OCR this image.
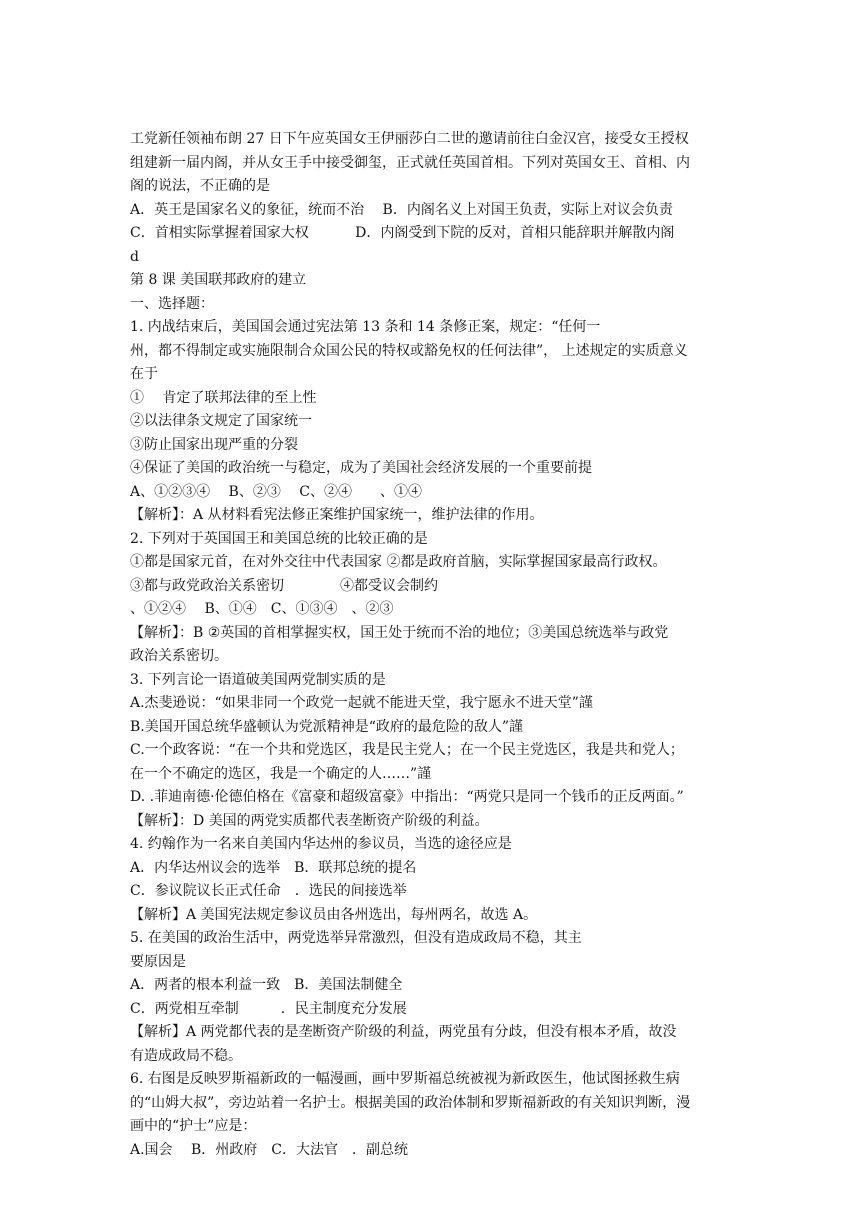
工党新任领袖布朗 27 日下午应英国女王伊丽莎白二世的邀请前往白金汉宫，接受女王授权
组建新一届内阁，并从女王手中接受御玺，正式就任英国首相。下列对英国女王、首相、内
阁的说法，不正确的是
A．英王是国家名义的象征，统而不治　 B．内阁名义上对国王负责，实际上对议会负责
C．首相实际掌握着国家大权　　　 D．内阁受到下院的反对，首相只能辞职并解散内阁
d
第 8 课 美国联邦政府的建立
一、选择题：
1. 内战结束后，美国国会通过宪法第 13 条和 14 条修正案，规定：“任何一
州，都不得制定或实施限制合众国公民的特权或豁免权的任何法律”， 上述规定的实质意义
在于
①　 肯定了联邦法律的至上性
②以法律条文规定了国家统一
③防止国家出现严重的分裂
④保证了美国的政治统一与稳定，成为了美国社会经济发展的一个重要前提
A、①②③④　 B、②③　 C、②④　　、①④
【解析】：A 从材料看宪法修正案维护国家统一，维护法律的作用。
2. 下列对于英国国王和美国总统的比较正确的是
①都是国家元首，在对外交往中代表国家 ②都是政府首脑，实际掌握国家最高行政权。
③都与政党政治关系密切　　　　④都受议会制约
、①②④　 B、①④　C、①③④　、②③
【解析】：B ②英国的首相掌握实权，国王处于统而不治的地位；③美国总统选举与政党
政治关系密切。
3. 下列言论一语道破美国两党制实质的是
A.杰斐逊说：“如果非同一个政党一起就不能进天堂，我宁愿永不进天堂”謹
B.美国开国总统华盛顿认为党派精神是“政府的最危险的敌人”謹
C.一个政客说：“在一个共和党选区，我是民主党人；在一个民主党选区，我是共和党人；
在一个不确定的选区，我是一个确定的人……”謹
D. .菲迪南德·伦德伯格在《富豪和超级富豪》中指出：“两党只是同一个钱币的正反两面。”
【解析】：D 美国的两党实质都代表垄断资产阶级的利益。
4. 约翰作为一名来自美国内华达州的参议员，当选的途径应是
A．内华达州议会的选举　B．联邦总统的提名
C．参议院议长正式任命　．选民的间接选举
【解析】A 美国宪法规定参议员由各州选出，每州两名，故选 A。
5. 在美国的政治生活中，两党选举异常激烈，但没有造成政局不稳，其主
要原因是
A．两者的根本利益一致　B．美国法制健全
C．两党相互牵制　　　．民主制度充分发展
【解析】A 两党都代表的是垄断资产阶级的利益，两党虽有分歧，但没有根本矛盾，故没
有造成政局不稳。
6. 右图是反映罗斯福新政的一幅漫画，画中罗斯福总统被视为新政医生，他试图拯救生病
的“山姆大叔”，旁边站着一名护士。根据美国的政治体制和罗斯福新政的有关知识判断，漫
画中的“护士”应是：
A.国会　 B．州政府　C．大法官　．副总统
